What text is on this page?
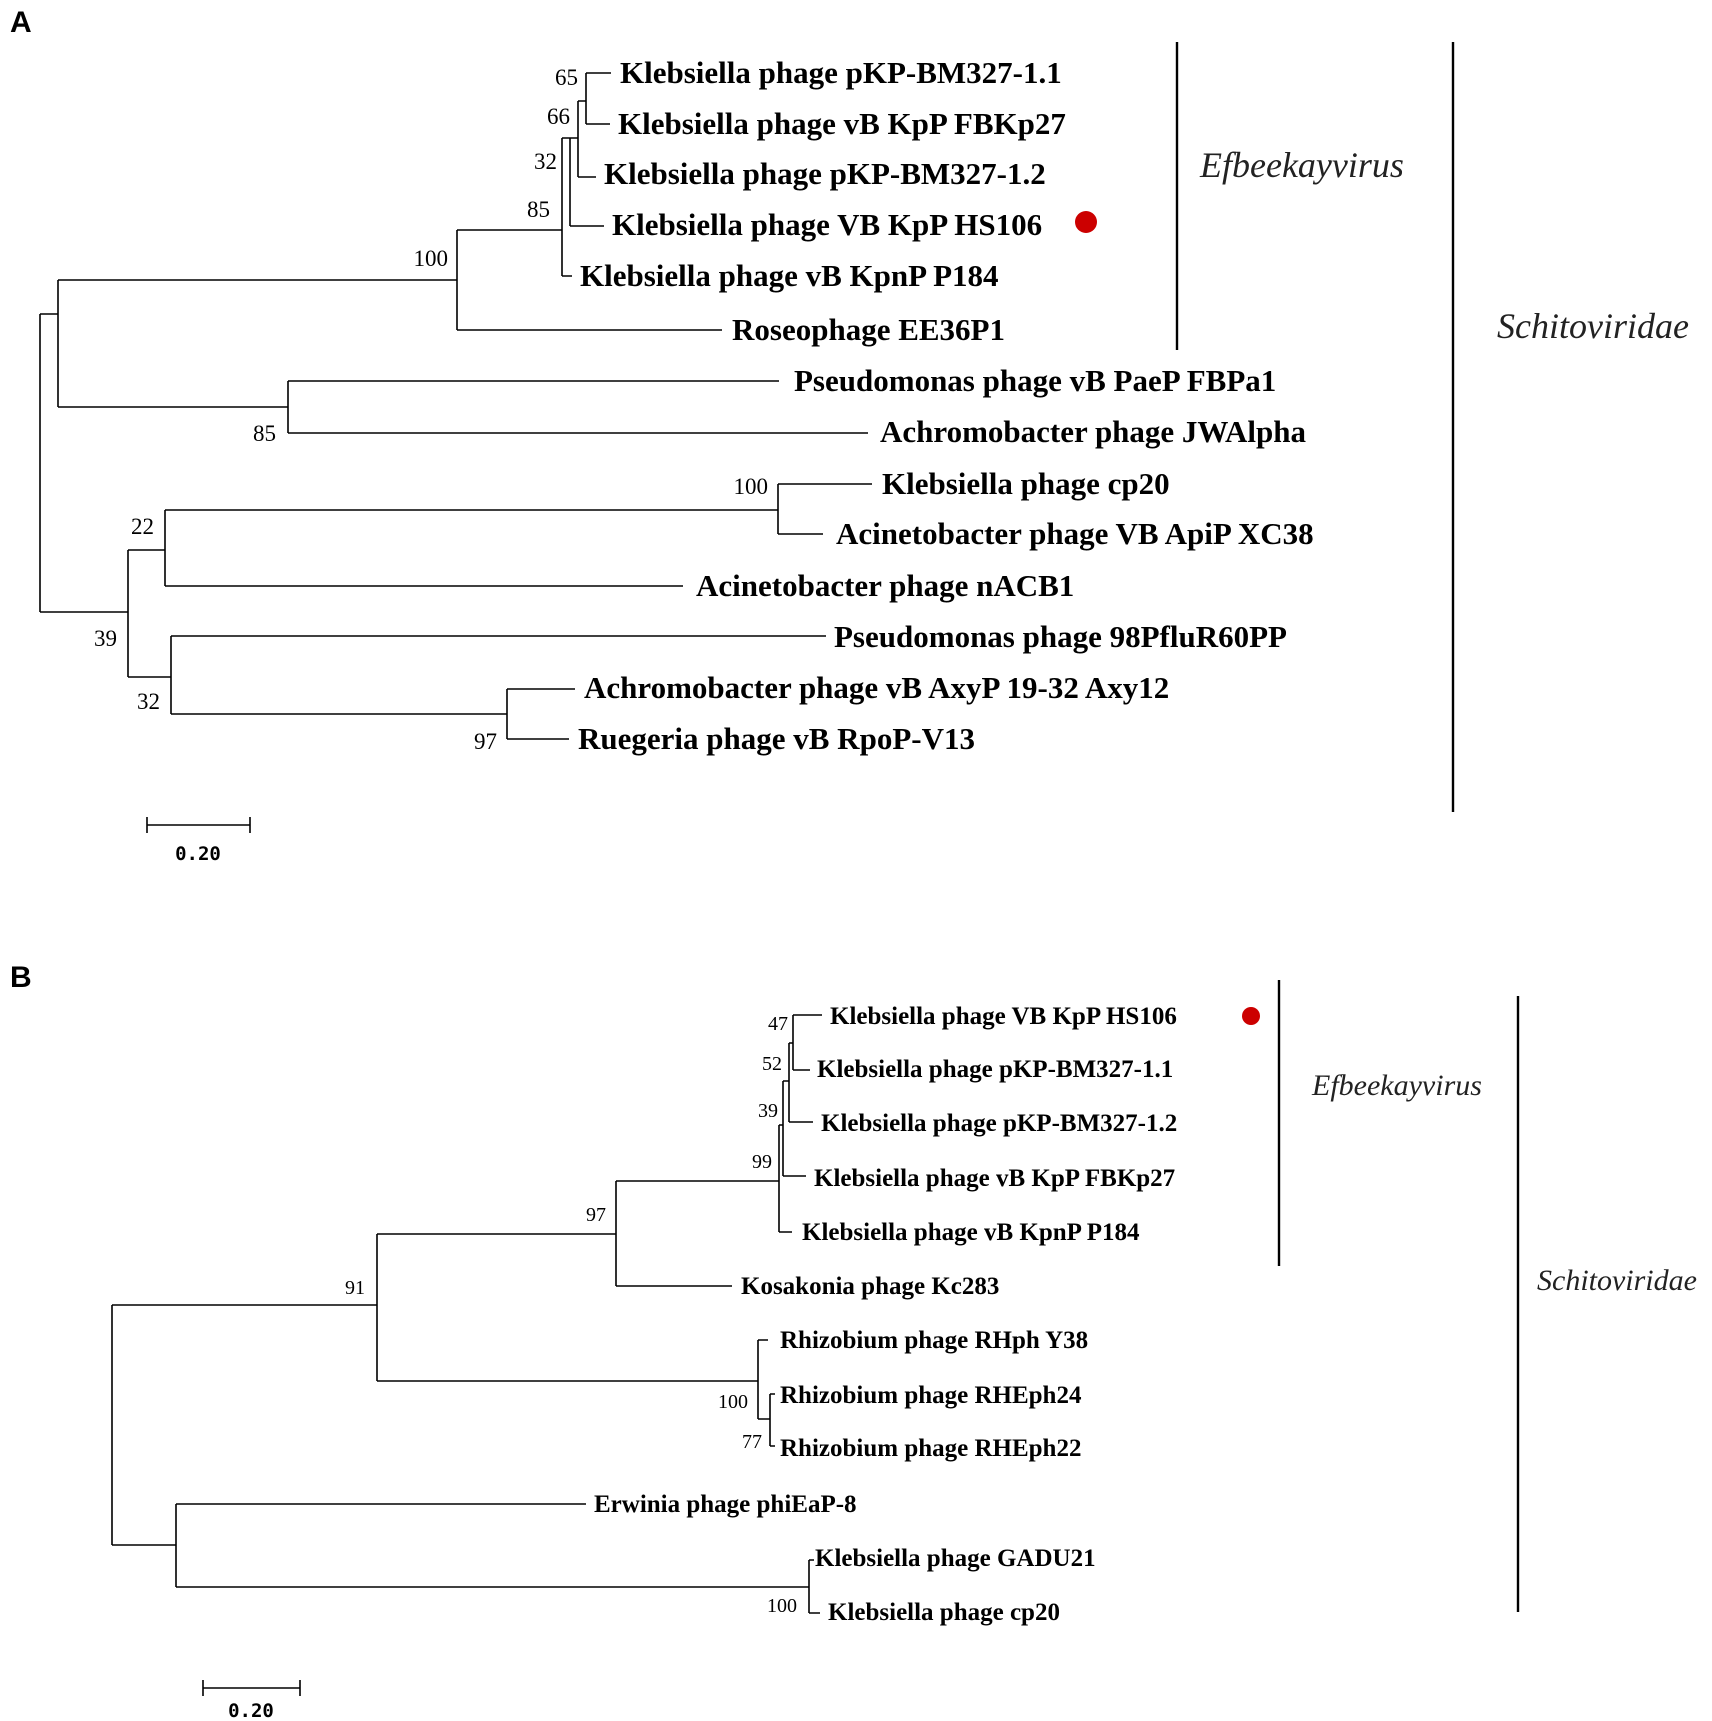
A
Klebsiella phage pKP-BM327-1.1
Klebsiella phage vB KpP FBKp27
Klebsiella phage pKP-BM327-1.2
Klebsiella phage VB KpP HS106
Klebsiella phage vB KpnP P184
Roseophage EE36P1
Pseudomonas phage vB PaeP FBPa1
Achromobacter phage JWAlpha
Klebsiella phage cp20
Acinetobacter phage VB ApiP XC38
Acinetobacter phage nACB1
Pseudomonas phage 98PfluR60PP
Achromobacter phage vB AxyP 19-32 Axy12
Ruegeria phage vB RpoP-V13
65
66
32
85
100
85
100
22
39
32
97
Efbeekayvirus
Schitoviridae
0.20
B
Klebsiella phage VB KpP HS106
Klebsiella phage pKP-BM327-1.1
Klebsiella phage pKP-BM327-1.2
Klebsiella phage vB KpP FBKp27
Klebsiella phage vB KpnP P184
Kosakonia phage Kc283
Rhizobium phage RHph Y38
Rhizobium phage RHEph24
Rhizobium phage RHEph22
Erwinia phage phiEaP-8
Klebsiella phage GADU21
Klebsiella phage cp20
47
52
39
99
97
91
100
77
100
Efbeekayvirus
Schitoviridae
0.20
